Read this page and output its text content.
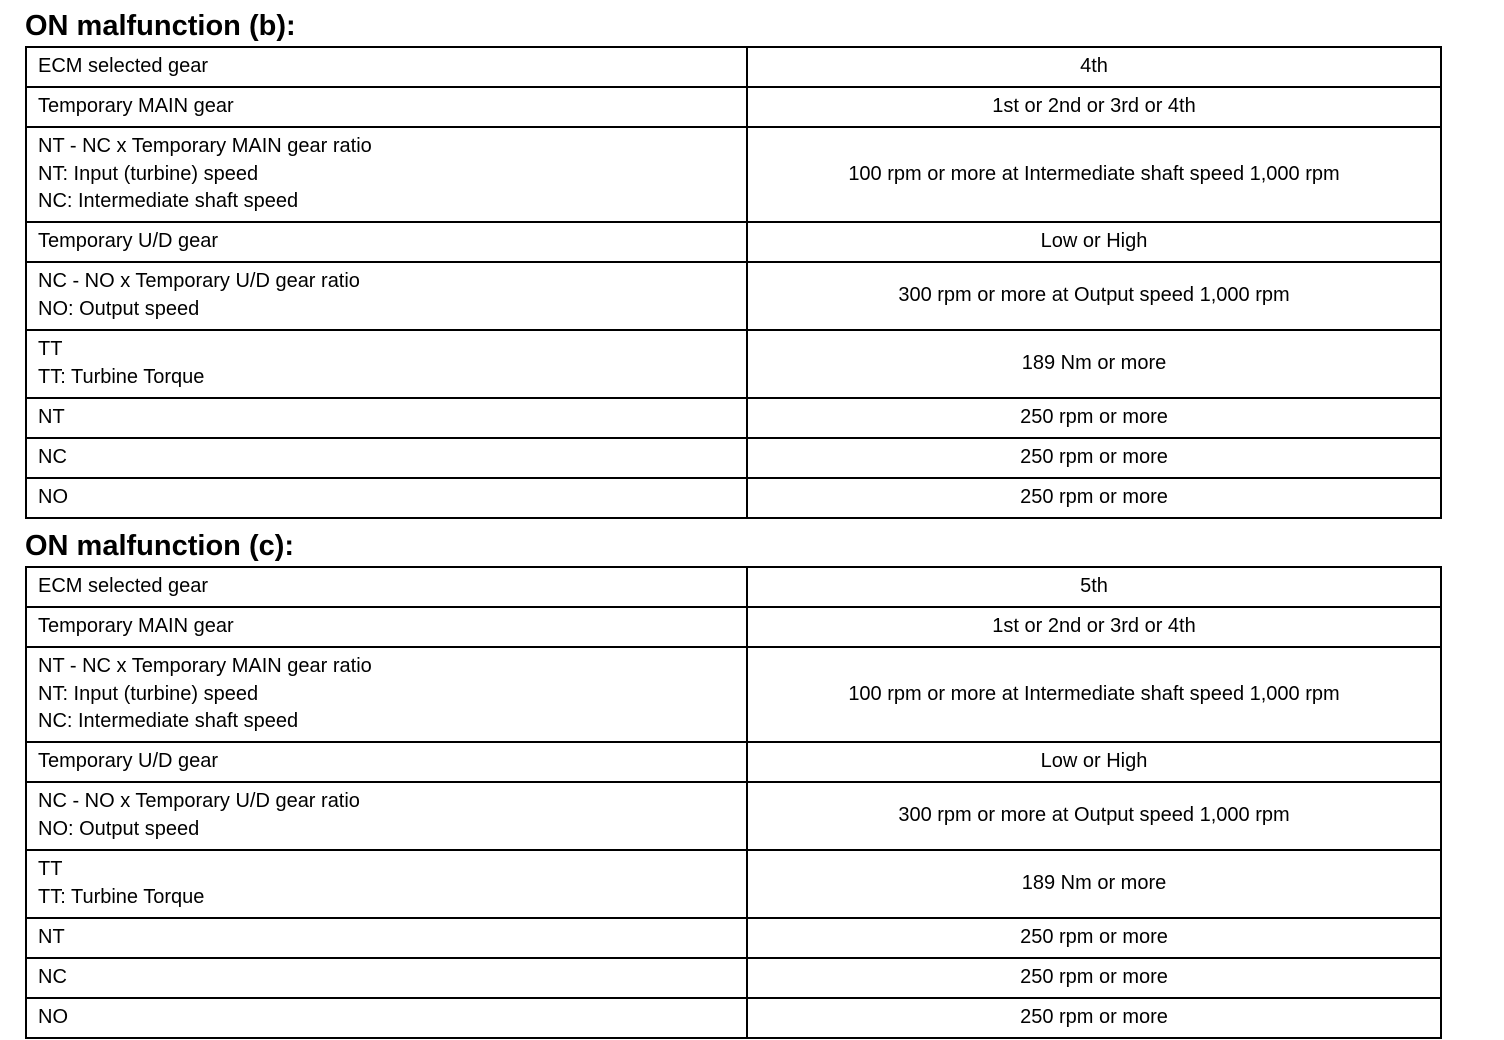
ON malfunction (b):
ECM selected gear	4th

Temporary MAIN gear	1st or 2nd or 3rd or 4th

NT - NC x Temporary MAIN gear ratio
NT: Input (turbine) speed
NC: Intermediate shaft speed	100 rpm or more at Intermediate shaft speed 1,000 rpm

Temporary U/D gear	Low or High

NC - NO x Temporary U/D gear ratio
NO: Output speed	300 rpm or more at Output speed 1,000 rpm

TT
TT: Turbine Torque	189 Nm or more

NT	250 rpm or more

NC	250 rpm or more

NO	250 rpm or more
ON malfunction (c):
ECM selected gear	5th

Temporary MAIN gear	1st or 2nd or 3rd or 4th

NT - NC x Temporary MAIN gear ratio
NT: Input (turbine) speed
NC: Intermediate shaft speed	100 rpm or more at Intermediate shaft speed 1,000 rpm

Temporary U/D gear	Low or High

NC - NO x Temporary U/D gear ratio
NO: Output speed	300 rpm or more at Output speed 1,000 rpm

TT
TT: Turbine Torque	189 Nm or more

NT	250 rpm or more

NC	250 rpm or more

NO	250 rpm or more
